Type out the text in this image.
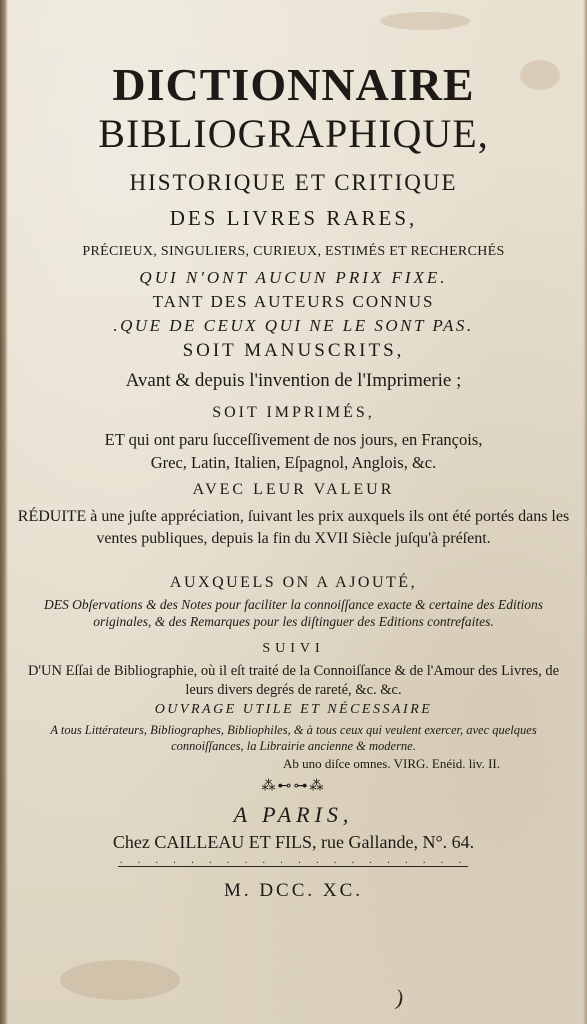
DICTIONNAIRE
BIBLIOGRAPHIQUE,
HISTORIQUE ET CRITIQUE
DES LIVRES RARES,
PRÉCIEUX, SINGULIERS, CURIEUX, ESTIMÉS ET RECHERCHÉS
QUI N'ONT AUCUN PRIX FIXE.
TANT DES AUTEURS CONNUS
.QUE DE CEUX QUI NE LE SONT PAS.
SOIT MANUSCRITS,
Avant & depuis l'invention de l'Imprimerie ;
SOIT IMPRIMÉS,
ET qui ont paru ſucceſſivement de nos jours, en François,
Grec, Latin, Italien, Eſpagnol, Anglois, &c.
AVEC LEUR VALEUR
RÉDUITE à une juſte appréciation, ſuivant les prix auxquels ils ont été portés dans les ventes publiques, depuis la fin du XVII Siècle juſqu'à préſent.
AUXQUELS ON A AJOUTÉ,
DES Obſervations & des Notes pour faciliter la connoiſſance exacte & certaine des Editions originales, & des Remarques pour les diſtinguer des Editions contrefaites.
SUIVI
D'UN Eſſai de Bibliographie, où il eſt traité de la Connoiſſance & de l'Amour des Livres, de leurs divers degrés de rareté, &c. &c.
OUVRAGE UTILE ET NÉCESSAIRE
A tous Littérateurs, Bibliographes, Bibliophiles, & à tous ceux qui veulent exercer, avec quelques connoiſſances, la Librairie ancienne & moderne.
Ab uno diſce omnes. VIRG. Enéid. liv. II.
⁂⊷⊶⁂
A PARIS,
Chez CAILLEAU ET FILS, rue Gallande, N°. 64.
· · · · · · · · · · · · · · · · · · · ·
M. DCC. XC.
)
